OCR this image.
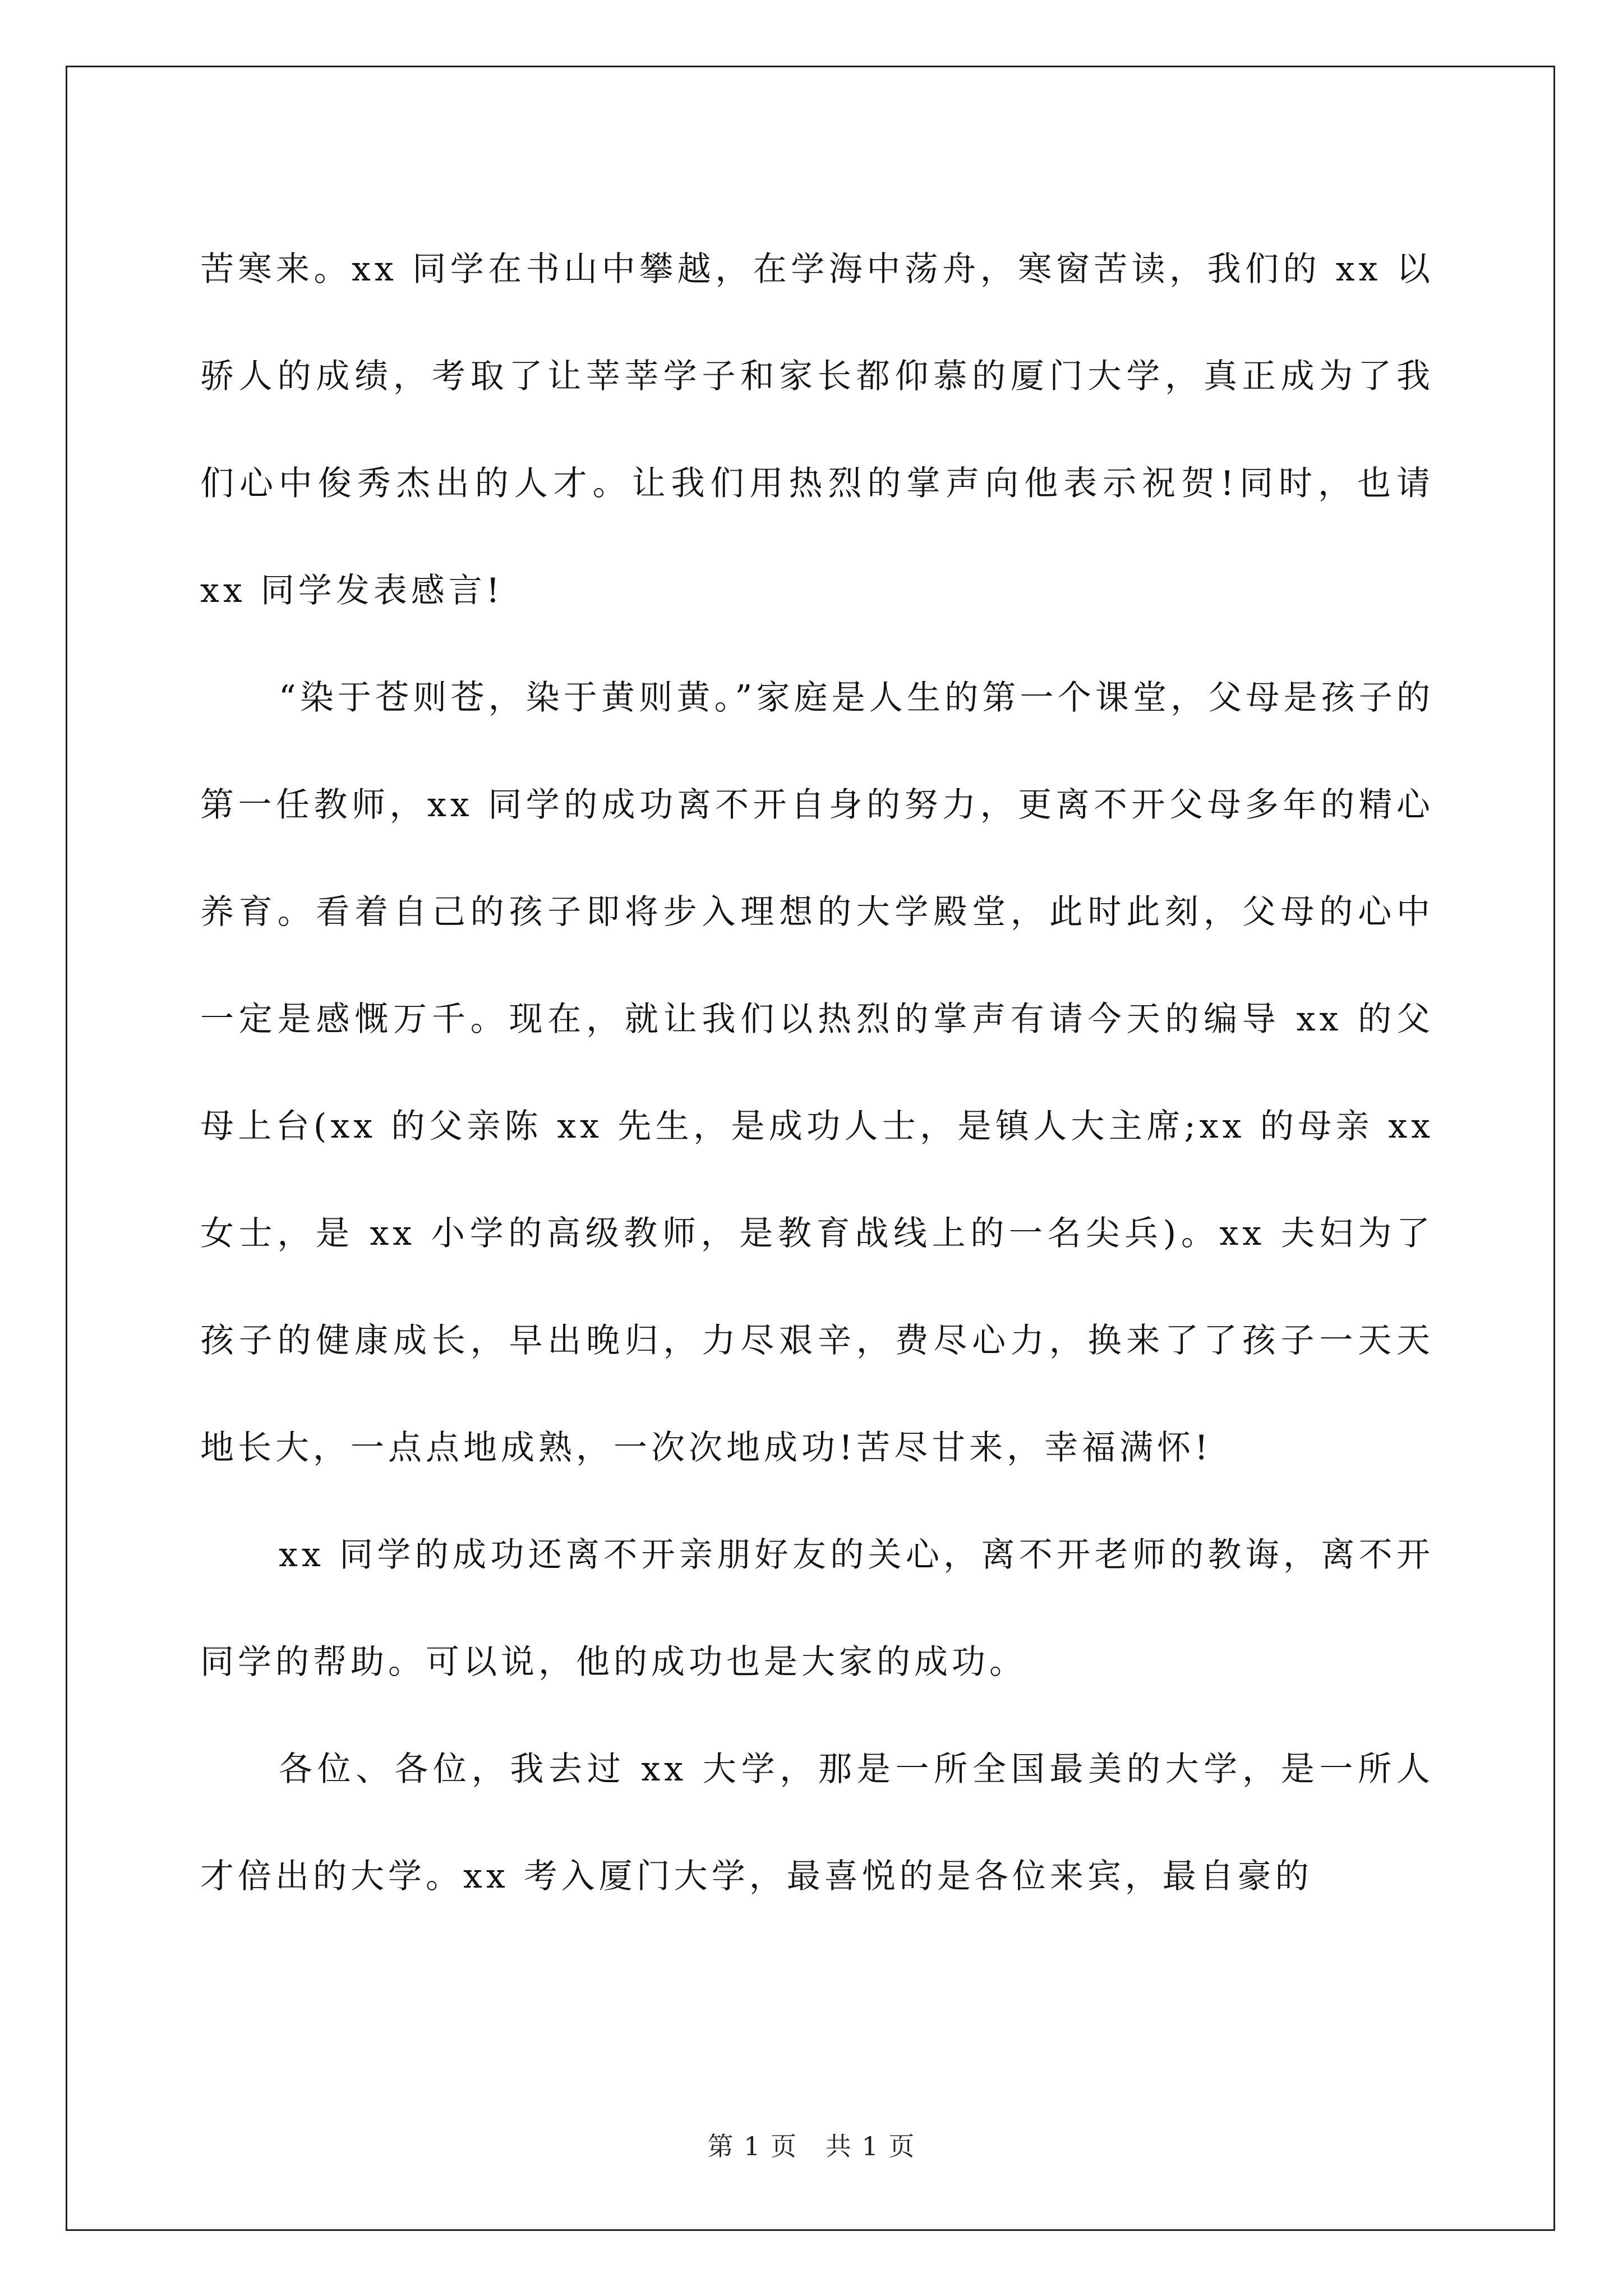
苦寒来。xx 同学在书山中攀越，在学海中荡舟，寒窗苦读，我们的 xx 以骄人的成绩，考取了让莘莘学子和家长都仰慕的厦门大学，真正成为了我们心中俊秀杰出的人才。让我们用热烈的掌声向他表示祝贺!同时，也请 xx 同学发表感言!

“染于苍则苍，染于黄则黄。”家庭是人生的第一个课堂，父母是孩子的第一任教师，xx 同学的成功离不开自身的努力，更离不开父母多年的精心养育。看着自己的孩子即将步入理想的大学殿堂，此时此刻，父母的心中一定是感慨万千。现在，就让我们以热烈的掌声有请今天的编导 xx 的父母上台(xx 的父亲陈 xx 先生，是成功人士，是镇人大主席;xx 的母亲 xx 女士，是 xx 小学的高级教师，是教育战线上的一名尖兵)。xx 夫妇为了孩子的健康成长，早出晚归，力尽艰辛，费尽心力，换来了了孩子一天天地长大，一点点地成熟，一次次地成功!苦尽甘来，幸福满怀!

xx 同学的成功还离不开亲朋好友的关心，离不开老师的教诲，离不开同学的帮助。可以说，他的成功也是大家的成功。

各位、各位，我去过 xx 大学，那是一所全国最美的大学，是一所人才倍出的大学。xx 考入厦门大学，最喜悦的是各位来宾，最自豪的

第 1 页   共 1 页
